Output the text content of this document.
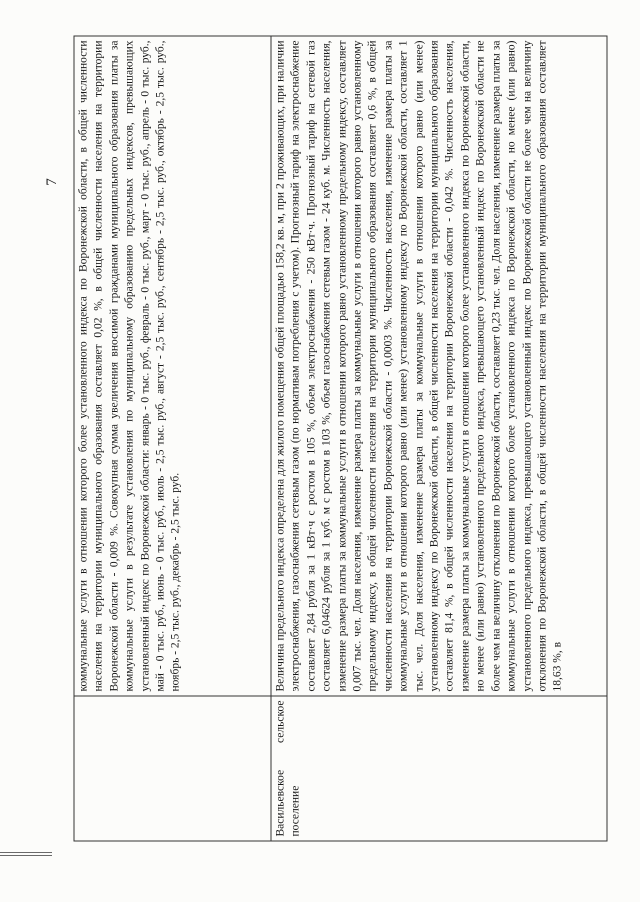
7

	коммунальные услуги в отношении которого более установленного индекса по Воронежской области, в общей численности населения на территории муниципального образования составляет 0,02 %, в общей численности населения на территории Воронежской области - 0,009 %. Совокупная сумма увеличения вносимой гражданами муниципального образования платы за коммунальные услуги в результате установления по муниципальному образованию предельных индексов, превышающих установленный индекс по Воронежской области: январь - 0 тыс. руб., февраль - 0 тыс. руб., март - 0 тыс. руб., апрель - 0 тыс. руб., май - 0 тыс. руб., июнь - 0 тыс. руб., июль - 2,5 тыс. руб., август - 2,5 тыс. руб., сентябрь - 2,5 тыс. руб., октябрь - 2,5 тыс. руб., ноябрь - 2,5 тыс. руб., декабрь - 2,5 тыс. руб.

Васильевское сельское поселение	Величина предельного индекса определена для жилого помещения общей площадью 158,2 кв. м, при 2 проживающих, при наличии электроснабжения, газоснабжения сетевым газом (по нормативам потребления с учетом). Прогнозный тариф на электроснабжение составляет 2,84 рубля за 1 кВт·ч с ростом в 105 %, объем электроснабжения - 250 кВт·ч. Прогнозный тариф на сетевой газ составляет 6,04624 рубля за 1 куб. м с ростом в 103 %, объем газоснабжения сетевым газом - 24 куб. м. Численность населения, изменение размера платы за коммунальные услуги в отношении которого равно установленному предельному индексу, составляет 0,007 тыс. чел. Доля населения, изменение размера платы за коммунальные услуги в отношении которого равно установленному предельному индексу, в общей численности населения на территории муниципального образования составляет 0,6 %, в общей численности населения на территории Воронежской области - 0,0003 %. Численность населения, изменение размера платы за коммунальные услуги в отношении которого равно (или менее) установленному индексу по Воронежской области, составляет 1 тыс. чел. Доля населения, изменение размера платы за коммунальные услуги в отношении которого равно (или менее) установленному индексу по Воронежской области, в общей численности населения на территории муниципального образования составляет 81,4 %, в общей численности населения на территории Воронежской области - 0,042 %. Численность населения, изменение размера платы за коммунальные услуги в отношении которого более установленного индекса по Воронежской области, но менее (или равно) установленного предельного индекса, превышающего установленный индекс по Воронежской области не более чем на величину отклонения по Воронежской области, составляет 0,23 тыс. чел. Доля населения, изменение размера платы за коммунальные услуги в отношении которого более установленного индекса по Воронежской области, но менее (или равно) установленного предельного индекса, превышающего установленный индекс по Воронежской области не более чем на величину отклонения по Воронежской области, в общей численности населения на территории муниципального образования составляет 18,63 %, в
